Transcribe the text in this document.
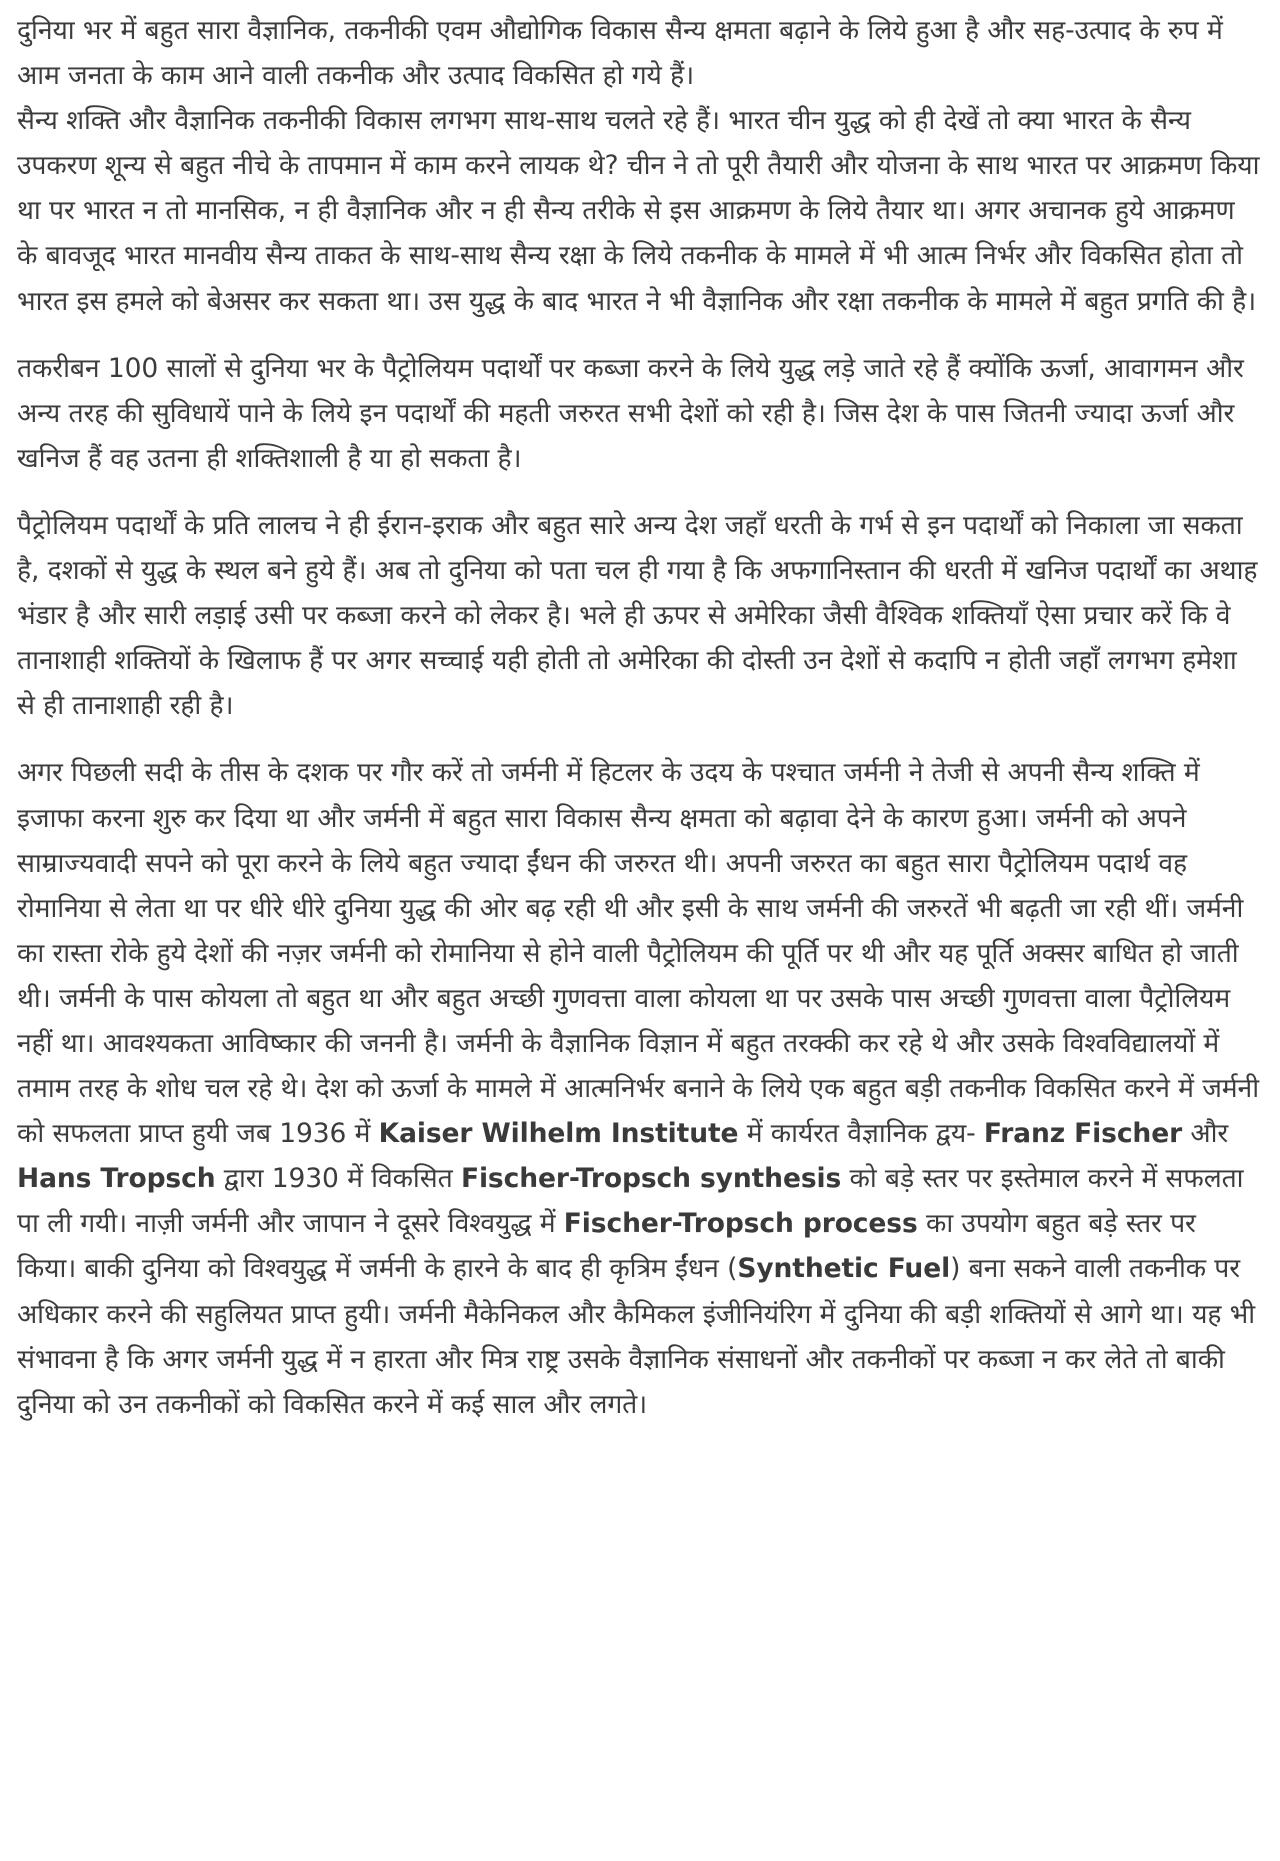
दुनिया भर में बहुत सारा वैज्ञानिक, तकनीकी एवम औद्योगिक विकास सैन्य क्षमता बढ़ाने के लिये हुआ है और सह-उत्पाद के रुप में आम जनता के काम आने वाली तकनीक और उत्पाद विकसित हो गये हैं।

सैन्य शक्ति और वैज्ञानिक तकनीकी विकास लगभग साथ-साथ चलते रहे हैं। भारत चीन युद्ध को ही देखें तो क्या भारत के सैन्य उपकरण शून्य से बहुत नीचे के तापमान में काम करने लायक थे? चीन ने तो पूरी तैयारी और योजना के साथ भारत पर आक्रमण किया था पर भारत न तो मानसिक, न ही वैज्ञानिक और न ही सैन्य तरीके से इस आक्रमण के लिये तैयार था। अगर अचानक हुये आक्रमण के बावजूद भारत मानवीय सैन्य ताकत के साथ-साथ सैन्य रक्षा के लिये तकनीक के मामले में भी आत्म निर्भर और विकसित होता तो भारत इस हमले को बेअसर कर सकता था। उस युद्ध के बाद भारत ने भी वैज्ञानिक और रक्षा तकनीक के मामले में बहुत प्रगति की है।

तकरीबन 100 सालों से दुनिया भर के पैट्रोलियम पदार्थों पर कब्जा करने के लिये युद्ध लड़े जाते रहे हैं क्योंकि ऊर्जा, आवागमन और अन्य तरह की सुविधायें पाने के लिये इन पदार्थों की महती जरुरत सभी देशों को रही है। जिस देश के पास जितनी ज्यादा ऊर्जा और खनिज हैं वह उतना ही शक्तिशाली है या हो सकता है।

पैट्रोलियम पदार्थों के प्रति लालच ने ही ईरान-इराक और बहुत सारे अन्य देश जहाँ धरती के गर्भ से इन पदार्थों को निकाला जा सकता है, दशकों से युद्ध के स्थल बने हुये हैं। अब तो दुनिया को पता चल ही गया है कि अफगानिस्तान की धरती में खनिज पदार्थों का अथाह भंडार है और सारी लड़ाई उसी पर कब्जा करने को लेकर है। भले ही ऊपर से अमेरिका जैसी वैश्विक शक्तियाँ ऐसा प्रचार करें कि वे तानाशाही शक्तियों के खिलाफ हैं पर अगर सच्चाई यही होती तो अमेरिका की दोस्ती उन देशों से कदापि न होती जहाँ लगभग हमेशा से ही तानाशाही रही है।

अगर पिछली सदी के तीस के दशक पर गौर करें तो जर्मनी में हिटलर के उदय के पश्चात जर्मनी ने तेजी से अपनी सैन्य शक्ति में इजाफा करना शुरु कर दिया था और जर्मनी में बहुत सारा विकास सैन्य क्षमता को बढ़ावा देने के कारण हुआ। जर्मनी को अपने साम्राज्यवादी सपने को पूरा करने के लिये बहुत ज्यादा ईंधन की जरुरत थी। अपनी जरुरत का बहुत सारा पैट्रोलियम पदार्थ वह रोमानिया से लेता था पर धीरे धीरे दुनिया युद्ध की ओर बढ़ रही थी और इसी के साथ जर्मनी की जरुरतें भी बढ़ती जा रही थीं। जर्मनी का रास्ता रोके हुये देशों की नज़र जर्मनी को रोमानिया से होने वाली पैट्रोलियम की पूर्ति पर थी और यह पूर्ति अक्सर बाधित हो जाती थी। जर्मनी के पास कोयला तो बहुत था और बहुत अच्छी गुणवत्ता वाला कोयला था पर उसके पास अच्छी गुणवत्ता वाला पैट्रोलियम नहीं था। आवश्यकता आविष्कार की जननी है। जर्मनी के वैज्ञानिक विज्ञान में बहुत तरक्की कर रहे थे और उसके विश्वविद्यालयों में तमाम तरह के शोध चल रहे थे। देश को ऊर्जा के मामले में आत्मनिर्भर बनाने के लिये एक बहुत बड़ी तकनीक विकसित करने में जर्मनी को सफलता प्राप्त हुयी जब 1936 में Kaiser Wilhelm Institute में कार्यरत वैज्ञानिक द्वय- Franz Fischer और Hans Tropsch द्वारा 1930 में विकसित Fischer-Tropsch synthesis को बड़े स्तर पर इस्तेमाल करने में सफलता पा ली गयी। नाज़ी जर्मनी और जापान ने दूसरे विश्वयुद्ध में Fischer-Tropsch process का उपयोग बहुत बड़े स्तर पर किया। बाकी दुनिया को विश्वयुद्ध में जर्मनी के हारने के बाद ही कृत्रिम ईंधन (Synthetic Fuel) बना सकने वाली तकनीक पर अधिकार करने की सहुलियत प्राप्त हुयी। जर्मनी मैकेनिकल और कैमिकल इंजीनियंरिग में दुनिया की बड़ी शक्तियों से आगे था। यह भी संभावना है कि अगर जर्मनी युद्ध में न हारता और मित्र राष्ट्र उसके वैज्ञानिक संसाधनों और तकनीकों पर कब्जा न कर लेते तो बाकी दुनिया को उन तकनीकों को विकसित करने में कई साल और लगते।
